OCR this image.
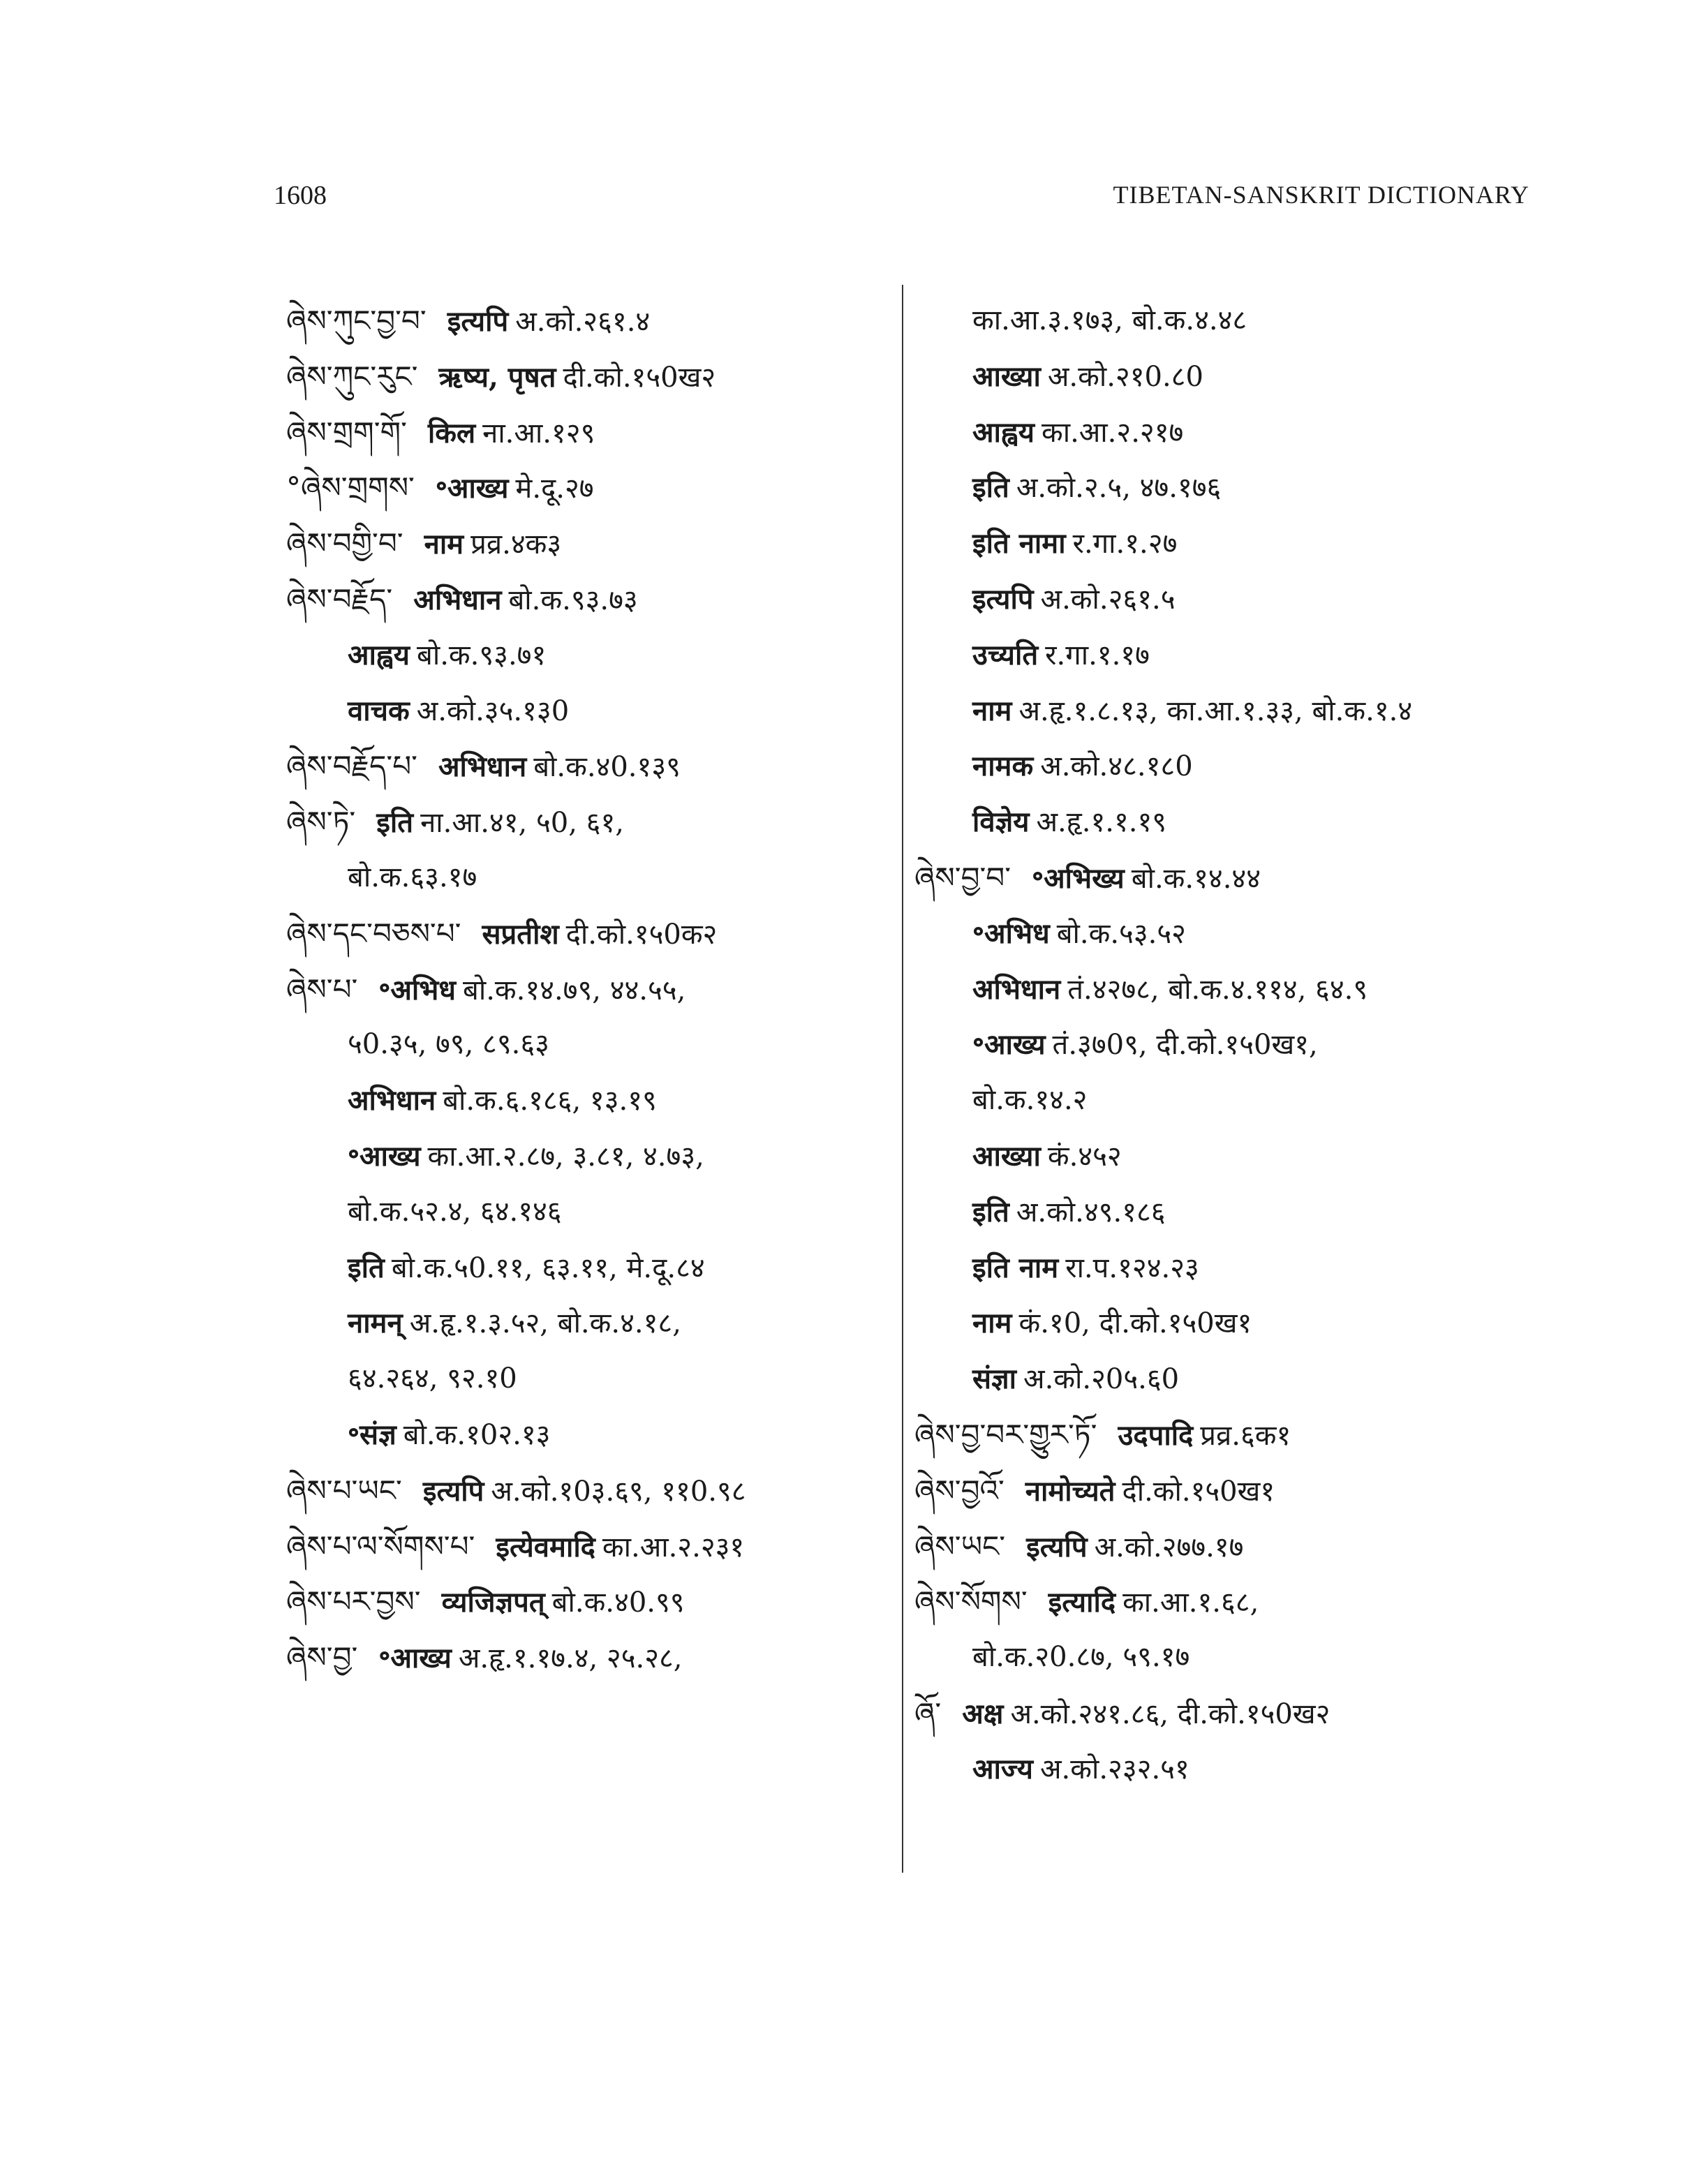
1608	TIBETAN-SANSKRIT DICTIONARY
ཞེས་ཀུང་བྱ་བ་ इत्यपि अ.को.२६१.४
ཞེས་ཀུང་རུང་ ऋष्य, पृषत दी.को.१५0ख२
ཞེས་གྲག་གོ་ किल ना.आ.१२९
°ཞེས་གྲགས་ ॰आख्य मे.दू.२७
ཞེས་བགྱི་བ་ नाम प्रव्र.४क३
ཞེས་བརྗོད་ अभिधान बो.क.९३.७३
आह्वय बो.क.९३.७१
वाचक अ.को.३५.१३0
ཞེས་བརྗོད་པ་ अभिधान बो.क.४0.१३९
ཞེས་ཏེ་ इति ना.आ.४१, ५0, ६१,
बो.क.६३.१७
ཞེས་དང་བཅས་པ་ सप्रतीश दी.को.१५0क२
ཞེས་པ་ ॰अभिध बो.क.१४.७९, ४४.५५,
५0.३५, ७९, ८९.६३
अभिधान बो.क.६.१८६, १३.१९
॰आख्य का.आ.२.८७, ३.८१, ४.७३,
बो.क.५२.४, ६४.१४६
इति बो.क.५0.११, ६३.११, मे.दू.८४
नामन् अ.हृ.१.३.५२, बो.क.४.१८,
६४.२६४, ९२.१0
॰संज्ञ बो.क.१0२.१३
ཞེས་པ་ཡང་ इत्यपि अ.को.१0३.६९, ११0.९८
ཞེས་པ་ལ་སོགས་པ་ इत्येवमादि का.आ.२.२३१
ཞེས་པར་བྱས་ व्यजिज्ञपत् बो.क.४0.९९
ཞེས་བྱ་ ॰आख्य अ.हृ.१.१७.४, २५.२८,
का.आ.३.१७३, बो.क.४.४८
आख्या अ.को.२१0.८0
आह्वय का.आ.२.२१७
इति अ.को.२.५, ४७.१७६
इति नामा र.गा.१.२७
इत्यपि अ.को.२६१.५
उच्यति र.गा.१.१७
नाम अ.हृ.१.८.१३, का.आ.१.३३, बो.क.१.४
नामक अ.को.४८.१८0
विज्ञेय अ.हृ.१.१.१९
ཞེས་བྱ་བ་ ॰अभिख्य बो.क.१४.४४
॰अभिध बो.क.५३.५२
अभिधान तं.४२७८, बो.क.४.११४, ६४.९
॰आख्य तं.३७0९, दी.को.१५0ख१,
बो.क.१४.२
आख्या कं.४५२
इति अ.को.४९.१८६
इति नाम रा.प.१२४.२३
नाम कं.१0, दी.को.१५0ख१
संज्ञा अ.को.२0५.६0
ཞེས་བྱ་བར་གྱུར་ཏོ་ उदपादि प्रव्र.६क१
ཞེས་བྱའོ་ नामोच्यते दी.को.१५0ख१
ཞེས་ཡང་ इत्यपि अ.को.२७७.१७
ཞེས་སོགས་ इत्यादि का.आ.१.६८,
बो.क.२0.८७, ५९.१७
ཞོ་ अक्ष अ.को.२४१.८६, दी.को.१५0ख२
आज्य अ.को.२३२.५१
